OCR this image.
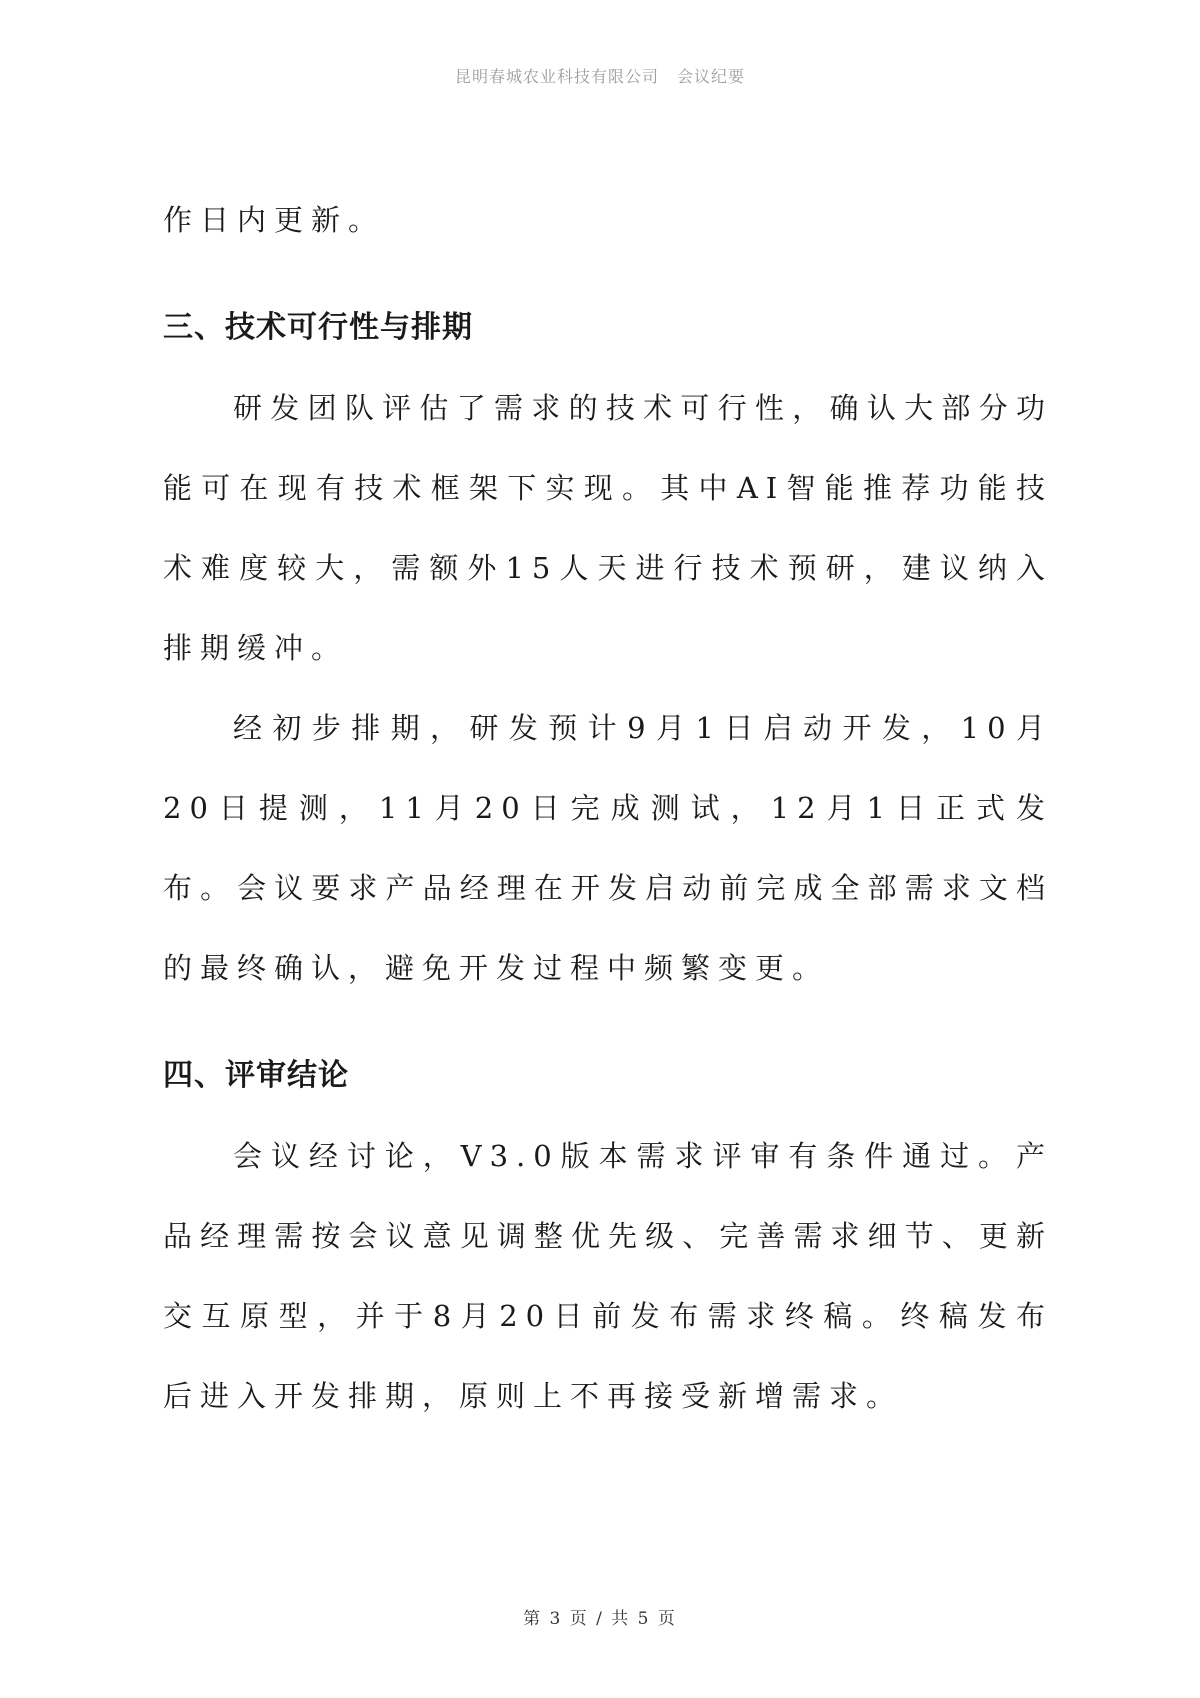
昆明春城农业科技有限公司 会议纪要

作日内更新。

三、技术可行性与排期

研发团队评估了需求的技术可行性，确认大部分功能可在现有技术框架下实现。其中AI智能推荐功能技术难度较大，需额外15人天进行技术预研，建议纳入排期缓冲。

经初步排期，研发预计9月1日启动开发，10月20日提测，11月20日完成测试，12月1日正式发布。会议要求产品经理在开发启动前完成全部需求文档的最终确认，避免开发过程中频繁变更。

四、评审结论

会议经讨论，V3.0版本需求评审有条件通过。产品经理需按会议意见调整优先级、完善需求细节、更新交互原型，并于8月20日前发布需求终稿。终稿发布后进入开发排期，原则上不再接受新增需求。

第 3 页 / 共 5 页
